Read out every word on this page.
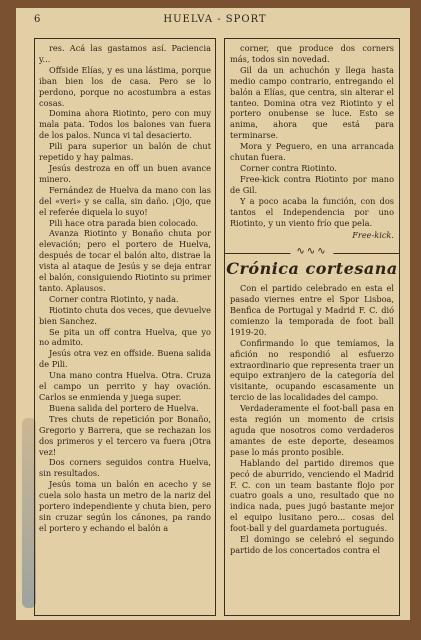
6	HUELVA - SPORT

res. Acá las gastamos así. Paciencia y...

Offside Elías, y es una lástima, porque iban bien los de casa. Pero se lo perdono, porque no acostumbra a estas cosas.

Domina ahora Riotinto, pero con muy mala pata. Todos los balones van fuera de los palos. Nunca vi tal desacierto.

Pili para superior un balón de chut repetido y hay palmas.

Jesús destroza en off un buen avance minero.

Fernández de Huelva da mano con las del «veri» y se calla, sin daño. ¡Ojo, que el referée diquela lo suyo!

Pili hace otra parada bien colocado.

Avanza Riotinto y Bonaño chuta por elevación; pero el portero de Huelva, después de tocar el balón alto, distrae la vista al ataque de Jesús y se deja entrar el balón, consiguiendo Riotinto su primer tanto. Aplausos.

Corner contra Riotinto, y nada.

Riotinto chuta dos veces, que devuelve bien Sanchez.

Se pita un off contra Huelva, que yo no admito.

Jesús otra vez en offside. Buena salida de Pili.

Una mano contra Huelva. Otra. Cruza el campo un perrito y hay ovación. Carlos se enmienda y juega super.

Buena salida del portero de Huelva.

Tres chuts de repetición por Bonaño, Gregorio y Barrera, que se rechazan los dos primeros y el tercero va fuera ¡Otra vez!

Dos corners seguidos contra Huelva, sin resultados.

Jesús toma un balón en acecho y se cuela solo hasta un metro de la nariz del portero independiente y chuta bien, pero sin cruzar según los cánones, pa rando el portero y echando el balón a

corner, que produce dos corners más, todos sin novedad.

Gil da un achuchón y llega hasta medio campo contrario, entregando el balón a Elías, que centra, sin alterar el tanteo. Domina otra vez Riotinto y el portero onubense se luce. Esto se anima, ahora que está para terminarse.

Mora y Peguero, en una arrancada chutan fuera.

Corner contra Riotinto.

Free-kick contra Riotinto por mano de Gil.

Y a poco acaba la función, con dos tantos el Independencia por uno Riotinto, y un viento frío que pela.

Free-kick.

∿∿∿
Crónica cortesana

Con el partido celebrado en esta el pasado viernes entre el Spor Lisboa, Benfica de Portugal y Madrid F. C. dió comienzo la temporada de foot ball 1919-20.

Confirmando lo que temíamos, la afición no respondió al esfuerzo extraordinario que representa traer un equipo extranjero de la categoría del visitante, ocupando escasamente un tercio de las localidades del campo.

Verdaderamente el foot-ball pasa en esta región un momento de crisis aguda que nosotros como verdaderos amantes de este deporte, deseamos pase lo más pronto posible.

Hablando del partido diremos que pecó de aburrido, venciendo el Madrid F. C. con un team bastante flojo por cuatro goals a uno, resultado que no indica nada, pues jugó bastante mejor el equipo lusitano pero... cosas del foot-ball y del guardameta portugués.

El domingo se celebró el segundo partido de los concertados contra el
